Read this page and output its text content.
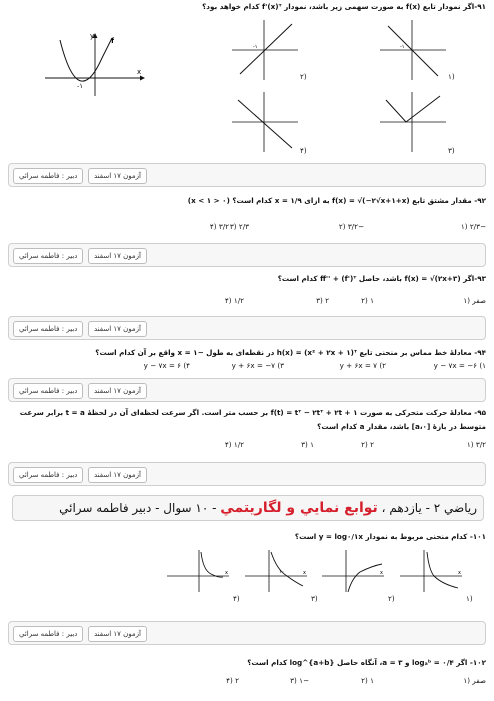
۹۱-اگر نمودار تابع f(x) به صورت سهمی زیر باشد، نمودار f'(x)ᵀ کدام خواهد بود؟
x
y
f
-۱
-۱
(۲
-۱
(۱
(۴	(۳
دبیر : فاطمه سرائي	آزمون ۱۷ اسفند
۹۲- مقدار مشتق تابع f(x) = √(−۲√x+۱+x) به ازای x = ۱/۹ کدام است؟ (۰ < x < ۱)
−۲/۳ (۱
−۳/۲ (۲
۲/۳ (۳
۳/۲ (۴
دبیر : فاطمه سرائي	آزمون ۱۷ اسفند
۹۳-اگر f(x) = √(۲x+۳) باشد، حاصل ff'' + (f')ᵀ کدام است؟
صفر (۱
۱ (۲
۲ (۳
۱/۲ (۴
دبیر : فاطمه سرائي	آزمون ۱۷ اسفند
۹۴- معادلهٔ خط مماس بر منحنی تابع h(x) = (x² + ۲x + ۱)ᵀ در نقطه‌ای به طول −۱ = x واقع بر آن کدام است؟
y − ۷x = −۶ (۱
y + ۶x = ۷ (۲
y + ۶x = −۷ (۳
y − ۷x = ۶ (۴
دبیر : فاطمه سرائي	آزمون ۱۷ اسفند
۹۵- معادلهٔ حرکت متحرکی به صورت f(t) = tᵀ − ۲tᵀ + ۲t + ۱ بر حسب متر است. اگر سرعت لحظه‌ای آن در لحظهٔ t = a برابر سرعت
متوسط در بازهٔ [۰،a] باشد، مقدار a کدام است؟
۳/۲ (۱
۲ (۲
۱ (۳
۱/۲ (۴
دبیر : فاطمه سرائي	آزمون ۱۷ اسفند
رياضي ۲ - يازدهم ، توابع نمايي و لگاريتمي - ۱۰ سوال - دبير فاطمه سرائي
۱۰۱- کدام منحنی مربوط به نمودار y = log۰/۱x است؟
x
(۴
۱۰	x
(۳
x
(۲
x
(۱
دبیر : فاطمه سرائي	آزمون ۱۷ اسفند
۱۰۲- اگر logₐᵇ = ۰/۴ و a = ۳، آنگاه حاصل log^{a+b} کدام است؟
صفر (۱
۱ (۲
−۱ (۳
۲ (۴
